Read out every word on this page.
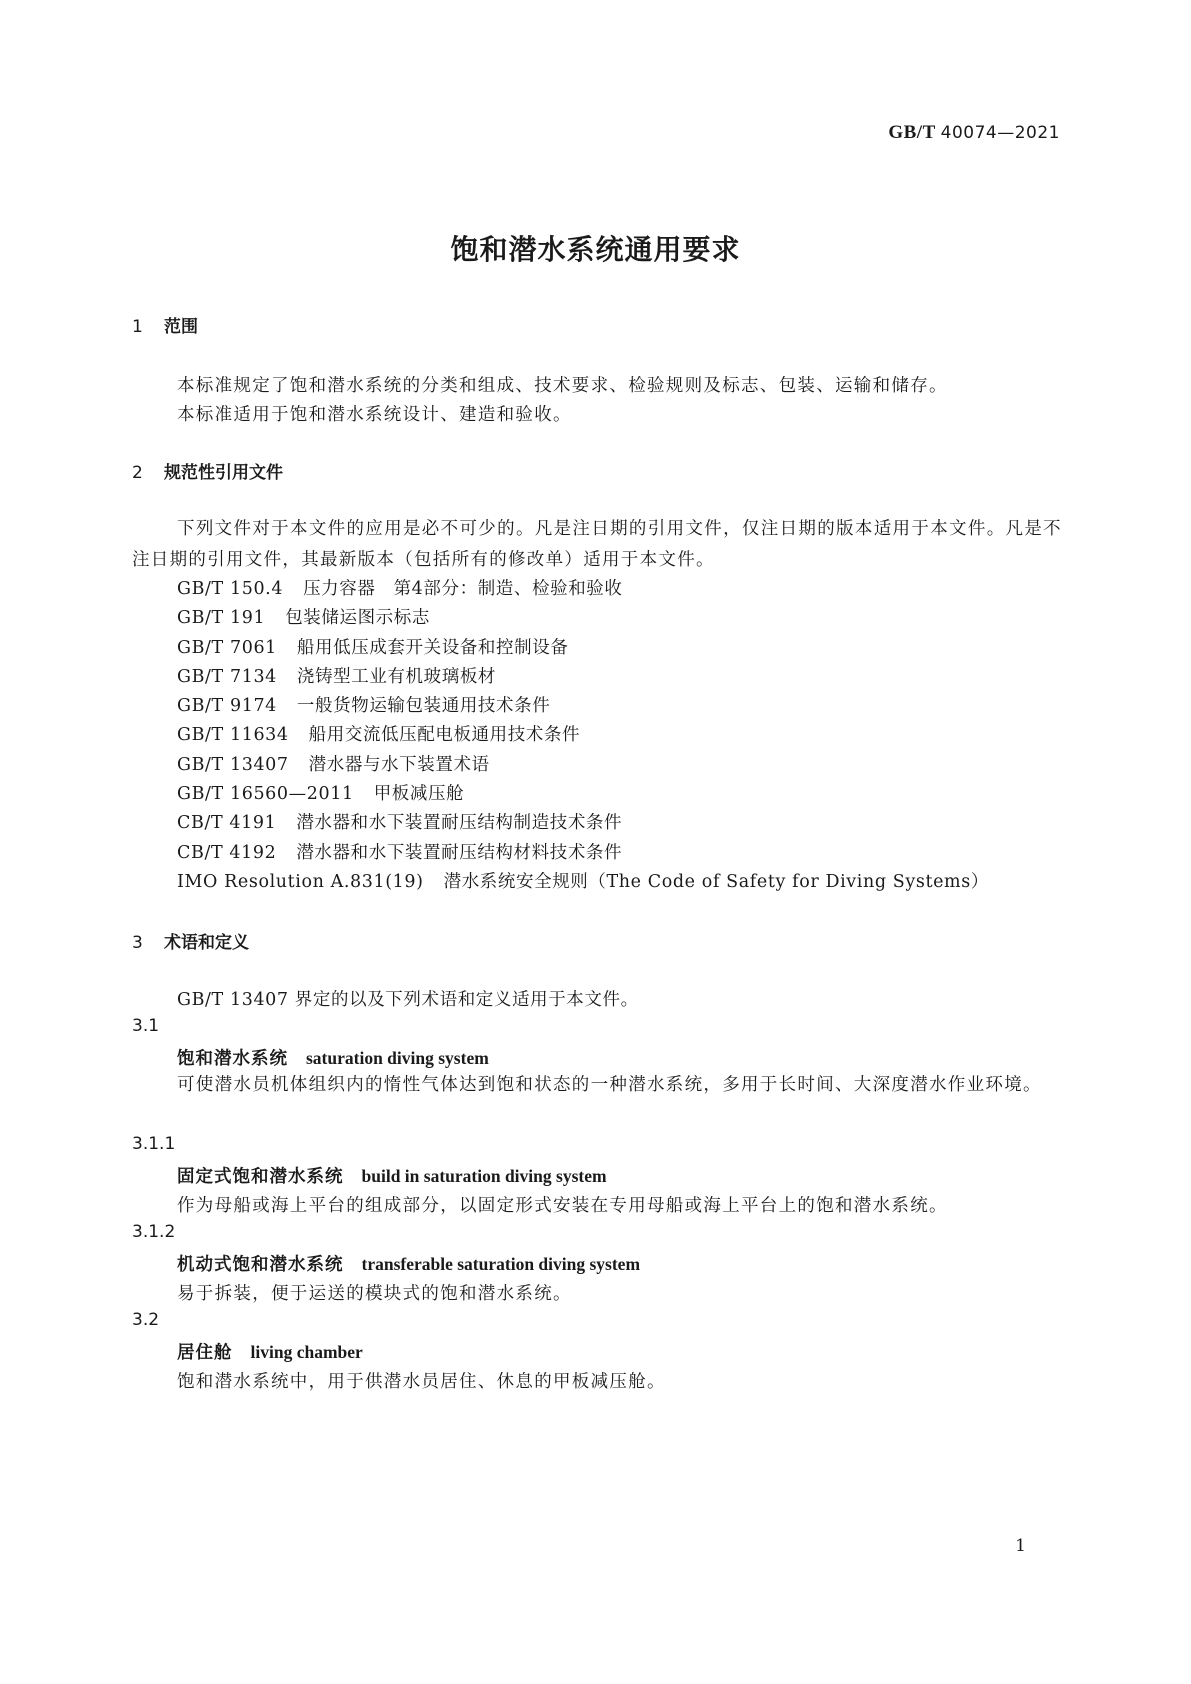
GB/T 40074—2021
饱和潜水系统通用要求
1 范围
本标准规定了饱和潜水系统的分类和组成、技术要求、检验规则及标志、包装、运输和储存。
本标准适用于饱和潜水系统设计、建造和验收。
2 规范性引用文件
下列文件对于本文件的应用是必不可少的。凡是注日期的引用文件，仅注日期的版本适用于本文件。凡是不注日期的引用文件，其最新版本（包括所有的修改单）适用于本文件。
GB/T 150.4 压力容器　第4部分：制造、检验和验收
GB/T 191 包装储运图示标志
GB/T 7061 船用低压成套开关设备和控制设备
GB/T 7134 浇铸型工业有机玻璃板材
GB/T 9174 一般货物运输包装通用技术条件
GB/T 11634 船用交流低压配电板通用技术条件
GB/T 13407 潜水器与水下装置术语
GB/T 16560—2011 甲板减压舱
CB/T 4191 潜水器和水下装置耐压结构制造技术条件
CB/T 4192 潜水器和水下装置耐压结构材料技术条件
IMO Resolution A.831(19) 潜水系统安全规则（The Code of Safety for Diving Systems）
3 术语和定义
GB/T 13407 界定的以及下列术语和定义适用于本文件。
3.1
饱和潜水系统 saturation diving system
可使潜水员机体组织内的惰性气体达到饱和状态的一种潜水系统，多用于长时间、大深度潜水作业环境。
3.1.1
固定式饱和潜水系统 build in saturation diving system
作为母船或海上平台的组成部分，以固定形式安装在专用母船或海上平台上的饱和潜水系统。
3.1.2
机动式饱和潜水系统 transferable saturation diving system
易于拆装，便于运送的模块式的饱和潜水系统。
3.2
居住舱 living chamber
饱和潜水系统中，用于供潜水员居住、休息的甲板减压舱。
1
